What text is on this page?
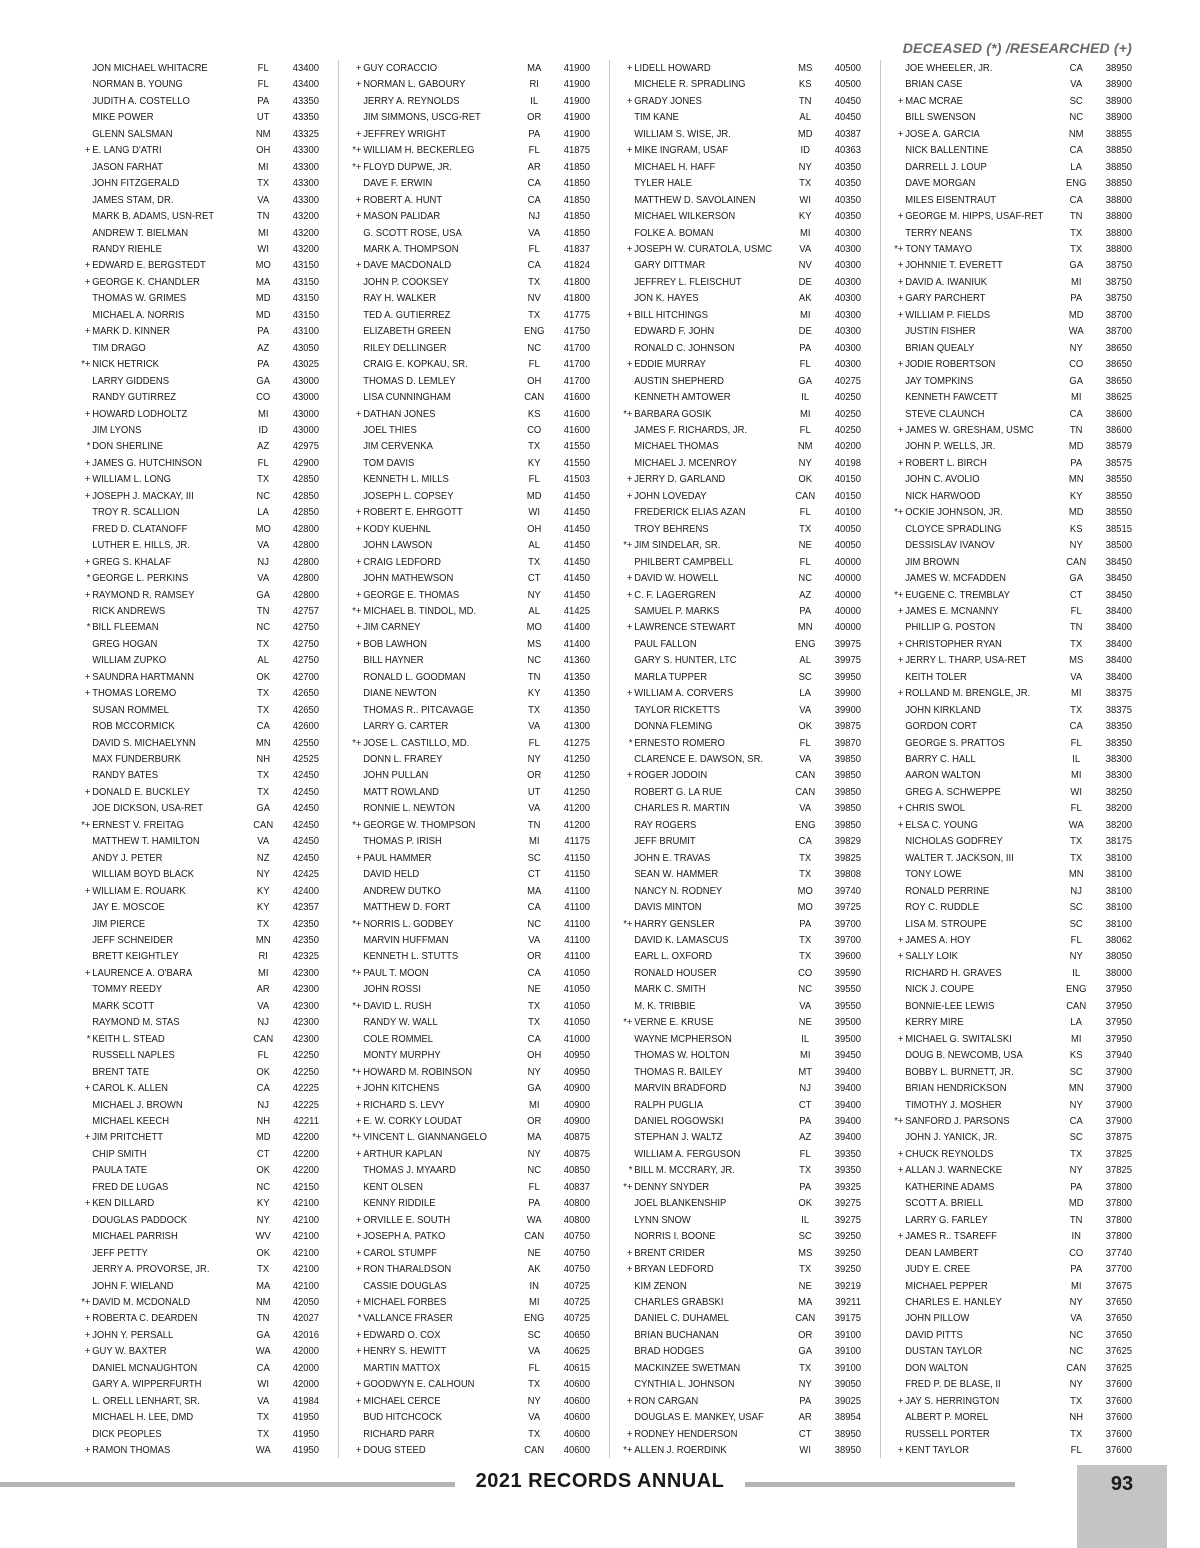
DECEASED (*) /RESEARCHED (+)
JON MICHAEL WHITACRE	FL	43400
NORMAN B. YOUNG	FL	43400
JUDITH A. COSTELLO	PA	43350
MIKE POWER	UT	43350
GLENN SALSMAN	NM	43325
+ E. LANG D'ATRI	OH	43300
JASON FARHAT	MI	43300
JOHN FITZGERALD	TX	43300
JAMES STAM, DR.	VA	43300
MARK B. ADAMS, USN-RET	TN	43200
ANDREW T. BIELMAN	MI	43200
RANDY RIEHLE	WI	43200
+ EDWARD E. BERGSTEDT	MO	43150
+ GEORGE K. CHANDLER	MA	43150
THOMAS W. GRIMES	MD	43150
MICHAEL A. NORRIS	MD	43150
+ MARK D. KINNER	PA	43100
TIM DRAGO	AZ	43050
*+ NICK HETRICK	PA	43025
LARRY GIDDENS	GA	43000
RANDY GUTIRREZ	CO	43000
+ HOWARD LODHOLTZ	MI	43000
JIM LYONS	ID	43000
* DON SHERLINE	AZ	42975
+ JAMES G. HUTCHINSON	FL	42900
+ WILLIAM L. LONG	TX	42850
+ JOSEPH J. MACKAY, III	NC	42850
TROY R. SCALLION	LA	42850
FRED D. CLATANOFF	MO	42800
LUTHER E. HILLS, JR.	VA	42800
+ GREG S. KHALAF	NJ	42800
* GEORGE L. PERKINS	VA	42800
+ RAYMOND R. RAMSEY	GA	42800
RICK ANDREWS	TN	42757
* BILL FLEEMAN	NC	42750
GREG HOGAN	TX	42750
WILLIAM ZUPKO	AL	42750
+ SAUNDRA HARTMANN	OK	42700
+ THOMAS LOREMO	TX	42650
SUSAN ROMMEL	TX	42650
ROB MCCORMICK	CA	42600
DAVID S. MICHAELYNN	MN	42550
MAX FUNDERBURK	NH	42525
RANDY BATES	TX	42450
+ DONALD E. BUCKLEY	TX	42450
JOE DICKSON, USA-RET	GA	42450
*+ ERNEST V. FREITAG	CAN	42450
MATTHEW T. HAMILTON	VA	42450
ANDY J. PETER	NZ	42450
WILLIAM BOYD BLACK	NY	42425
+ WILLIAM E. ROUARK	KY	42400
JAY E. MOSCOE	KY	42357
JIM PIERCE	TX	42350
JEFF SCHNEIDER	MN	42350
BRETT KEIGHTLEY	RI	42325
+ LAURENCE A. O'BARA	MI	42300
TOMMY REEDY	AR	42300
MARK SCOTT	VA	42300
RAYMOND M. STAS	NJ	42300
* KEITH L. STEAD	CAN	42300
RUSSELL NAPLES	FL	42250
BRENT TATE	OK	42250
+ CAROL K. ALLEN	CA	42225
MICHAEL J. BROWN	NJ	42225
MICHAEL KEECH	NH	42211
+ JIM PRITCHETT	MD	42200
CHIP SMITH	CT	42200
PAULA TATE	OK	42200
FRED DE LUGAS	NC	42150
+ KEN DILLARD	KY	42100
DOUGLAS PADDOCK	NY	42100
MICHAEL PARRISH	WV	42100
JEFF PETTY	OK	42100
JERRY A. PROVORSE, JR.	TX	42100
JOHN F. WIELAND	MA	42100
*+ DAVID M. MCDONALD	NM	42050
+ ROBERTA C. DEARDEN	TN	42027
+ JOHN Y. PERSALL	GA	42016
+ GUY W. BAXTER	WA	42000
DANIEL MCNAUGHTON	CA	42000
GARY A. WIPPERFURTH	WI	42000
L. ORELL LENHART, SR.	VA	41984
MICHAEL H. LEE, DMD	TX	41950
DICK PEOPLES	TX	41950
+ RAMON THOMAS	WA	41950
+ GUY CORACCIO	MA	41900
+ NORMAN L. GABOURY	RI	41900
JERRY A. REYNOLDS	IL	41900
JIM SIMMONS, USCG-RET	OR	41900
+ JEFFREY WRIGHT	PA	41900
*+ WILLIAM H. BECKERLEG	FL	41875
*+ FLOYD DUPWE, JR.	AR	41850
DAVE F. ERWIN	CA	41850
+ ROBERT A. HUNT	CA	41850
+ MASON PALIDAR	NJ	41850
G. SCOTT ROSE, USA	VA	41850
MARK A. THOMPSON	FL	41837
+ DAVE MACDONALD	CA	41824
JOHN P. COOKSEY	TX	41800
RAY H. WALKER	NV	41800
TED A. GUTIERREZ	TX	41775
ELIZABETH GREEN	ENG	41750
RILEY DELLINGER	NC	41700
CRAIG E. KOPKAU, SR.	FL	41700
THOMAS D. LEMLEY	OH	41700
LISA CUNNINGHAM	CAN	41600
+ DATHAN JONES	KS	41600
JOEL THIES	CO	41600
JIM CERVENKA	TX	41550
TOM DAVIS	KY	41550
KENNETH L. MILLS	FL	41503
JOSEPH L. COPSEY	MD	41450
+ ROBERT E. EHRGOTT	WI	41450
+ KODY KUEHNL	OH	41450
JOHN LAWSON	AL	41450
+ CRAIG LEDFORD	TX	41450
JOHN MATHEWSON	CT	41450
+ GEORGE E. THOMAS	NY	41450
*+ MICHAEL B. TINDOL, MD.	AL	41425
+ JIM CARNEY	MO	41400
+ BOB LAWHON	MS	41400
BILL HAYNER	NC	41360
RONALD L. GOODMAN	TN	41350
DIANE NEWTON	KY	41350
THOMAS R.. PITCAVAGE	TX	41350
LARRY G. CARTER	VA	41300
*+ JOSE L. CASTILLO, MD.	FL	41275
DONN L. FRAREY	NY	41250
JOHN PULLAN	OR	41250
MATT ROWLAND	UT	41250
RONNIE L. NEWTON	VA	41200
*+ GEORGE W. THOMPSON	TN	41200
THOMAS P. IRISH	MI	41175
+ PAUL HAMMER	SC	41150
DAVID HELD	CT	41150
ANDREW DUTKO	MA	41100
MATTHEW D. FORT	CA	41100
*+ NORRIS L. GODBEY	NC	41100
MARVIN HUFFMAN	VA	41100
KENNETH L. STUTTS	OR	41100
*+ PAUL T. MOON	CA	41050
JOHN ROSSI	NE	41050
*+ DAVID L. RUSH	TX	41050
RANDY W. WALL	TX	41050
COLE ROMMEL	CA	41000
MONTY MURPHY	OH	40950
*+ HOWARD M. ROBINSON	NY	40950
+ JOHN KITCHENS	GA	40900
+ RICHARD S. LEVY	MI	40900
+ E. W. CORKY LOUDAT	OR	40900
*+ VINCENT L. GIANNANGELO	MA	40875
+ ARTHUR KAPLAN	NY	40875
THOMAS J. MYAARD	NC	40850
KENT OLSEN	FL	40837
KENNY RIDDILE	PA	40800
+ ORVILLE E. SOUTH	WA	40800
+ JOSEPH A. PATKO	CAN	40750
+ CAROL STUMPF	NE	40750
+ RON THARALDSON	AK	40750
CASSIE DOUGLAS	IN	40725
+ MICHAEL FORBES	MI	40725
* VALLANCE FRASER	ENG	40725
+ EDWARD O. COX	SC	40650
+ HENRY S. HEWITT	VA	40625
MARTIN MATTOX	FL	40615
+ GOODWYN E. CALHOUN	TX	40600
+ MICHAEL CERCE	NY	40600
BUD HITCHCOCK	VA	40600
RICHARD PARR	TX	40600
+ DOUG STEED	CAN	40600
+ LIDELL HOWARD	MS	40500
MICHELE R. SPRADLING	KS	40500
+ GRADY JONES	TN	40450
TIM KANE	AL	40450
WILLIAM S. WISE, JR.	MD	40387
+ MIKE INGRAM, USAF	ID	40363
MICHAEL H. HAFF	NY	40350
TYLER HALE	TX	40350
MATTHEW D. SAVOLAINEN	WI	40350
MICHAEL WILKERSON	KY	40350
FOLKE A. BOMAN	MI	40300
+ JOSEPH W. CURATOLA, USMC	VA	40300
GARY DITTMAR	NV	40300
JEFFREY L. FLEISCHUT	DE	40300
JON K. HAYES	AK	40300
+ BILL HITCHINGS	MI	40300
EDWARD F. JOHN	DE	40300
RONALD C. JOHNSON	PA	40300
+ EDDIE MURRAY	FL	40300
AUSTIN SHEPHERD	GA	40275
KENNETH AMTOWER	IL	40250
*+ BARBARA GOSIK	MI	40250
JAMES F. RICHARDS, JR.	FL	40250
MICHAEL THOMAS	NM	40200
MICHAEL J. MCENROY	NY	40198
+ JERRY D. GARLAND	OK	40150
+ JOHN LOVEDAY	CAN	40150
FREDERICK ELIAS AZAN	FL	40100
TROY BEHRENS	TX	40050
*+ JIM SINDELAR, SR.	NE	40050
PHILBERT CAMPBELL	FL	40000
+ DAVID W. HOWELL	NC	40000
+ C. F. LAGERGREN	AZ	40000
SAMUEL P. MARKS	PA	40000
+ LAWRENCE STEWART	MN	40000
PAUL FALLON	ENG	39975
GARY S. HUNTER, LTC	AL	39975
MARLA TUPPER	SC	39950
+ WILLIAM A. CORVERS	LA	39900
TAYLOR RICKETTS	VA	39900
DONNA FLEMING	OK	39875
* ERNESTO ROMERO	FL	39870
CLARENCE E. DAWSON, SR.	VA	39850
+ ROGER JODOIN	CAN	39850
ROBERT G. LA RUE	CAN	39850
CHARLES R. MARTIN	VA	39850
RAY ROGERS	ENG	39850
JEFF BRUMIT	CA	39829
JOHN E. TRAVAS	TX	39825
SEAN W. HAMMER	TX	39808
NANCY N. RODNEY	MO	39740
DAVIS MINTON	MO	39725
*+ HARRY GENSLER	PA	39700
DAVID K. LAMASCUS	TX	39700
EARL L. OXFORD	TX	39600
RONALD HOUSER	CO	39590
MARK C. SMITH	NC	39550
M. K. TRIBBIE	VA	39550
*+ VERNE E. KRUSE	NE	39500
WAYNE MCPHERSON	IL	39500
THOMAS W. HOLTON	MI	39450
THOMAS R. BAILEY	MT	39400
MARVIN BRADFORD	NJ	39400
RALPH PUGLIA	CT	39400
DANIEL ROGOWSKI	PA	39400
STEPHAN J. WALTZ	AZ	39400
WILLIAM A. FERGUSON	FL	39350
* BILL M. MCCRARY, JR.	TX	39350
*+ DENNY SNYDER	PA	39325
JOEL BLANKENSHIP	OK	39275
LYNN SNOW	IL	39275
NORRIS I. BOONE	SC	39250
+ BRENT CRIDER	MS	39250
+ BRYAN LEDFORD	TX	39250
KIM ZENON	NE	39219
CHARLES GRABSKI	MA	39211
DANIEL C. DUHAMEL	CAN	39175
BRIAN BUCHANAN	OR	39100
BRAD HODGES	GA	39100
MACKINZEE SWETMAN	TX	39100
CYNTHIA L. JOHNSON	NY	39050
+ RON CARGAN	PA	39025
DOUGLAS E. MANKEY, USAF	AR	38954
+ RODNEY HENDERSON	CT	38950
*+ ALLEN J. ROERDINK	WI	38950
JOE WHEELER, JR.	CA	38950
BRIAN CASE	VA	38900
+ MAC MCRAE	SC	38900
BILL SWENSON	NC	38900
+ JOSE A. GARCIA	NM	38855
NICK BALLENTINE	CA	38850
DARRELL J. LOUP	LA	38850
DAVE MORGAN	ENG	38850
MILES EISENTRAUT	CA	38800
+ GEORGE M. HIPPS, USAF-RET	TN	38800
TERRY NEANS	TX	38800
*+ TONY TAMAYO	TX	38800
+ JOHNNIE T. EVERETT	GA	38750
+ DAVID A. IWANIUK	MI	38750
+ GARY PARCHERT	PA	38750
+ WILLIAM P. FIELDS	MD	38700
JUSTIN FISHER	WA	38700
BRIAN QUEALY	NY	38650
+ JODIE ROBERTSON	CO	38650
JAY TOMPKINS	GA	38650
KENNETH FAWCETT	MI	38625
STEVE CLAUNCH	CA	38600
+ JAMES W. GRESHAM, USMC	TN	38600
JOHN P. WELLS, JR.	MD	38579
+ ROBERT L. BIRCH	PA	38575
JOHN C. AVOLIO	MN	38550
NICK HARWOOD	KY	38550
*+ OCKIE JOHNSON, JR.	MD	38550
CLOYCE SPRADLING	KS	38515
DESSISLAV IVANOV	NY	38500
JIM BROWN	CAN	38450
JAMES W. MCFADDEN	GA	38450
*+ EUGENE C. TREMBLAY	CT	38450
+ JAMES E. MCNANNY	FL	38400
PHILLIP G. POSTON	TN	38400
+ CHRISTOPHER RYAN	TX	38400
+ JERRY L. THARP, USA-RET	MS	38400
KEITH TOLER	VA	38400
+ ROLLAND M. BRENGLE, JR.	MI	38375
JOHN KIRKLAND	TX	38375
GORDON CORT	CA	38350
GEORGE S. PRATTOS	FL	38350
BARRY C. HALL	IL	38300
AARON WALTON	MI	38300
GREG A. SCHWEPPE	WI	38250
+ CHRIS SWOL	FL	38200
+ ELSA C. YOUNG	WA	38200
NICHOLAS GODFREY	TX	38175
WALTER T. JACKSON, III	TX	38100
TONY LOWE	MN	38100
RONALD PERRINE	NJ	38100
ROY C. RUDDLE	SC	38100
LISA M. STROUPE	SC	38100
+ JAMES A. HOY	FL	38062
+ SALLY LOIK	NY	38050
RICHARD H. GRAVES	IL	38000
NICK J. COUPE	ENG	37950
BONNIE-LEE LEWIS	CAN	37950
KERRY MIRE	LA	37950
+ MICHAEL G. SWITALSKI	MI	37950
DOUG B. NEWCOMB, USA	KS	37940
BOBBY L. BURNETT, JR.	SC	37900
BRIAN HENDRICKSON	MN	37900
TIMOTHY J. MOSHER	NY	37900
*+ SANFORD J. PARSONS	CA	37900
JOHN J. YANICK, JR.	SC	37875
+ CHUCK REYNOLDS	TX	37825
+ ALLAN J. WARNECKE	NY	37825
KATHERINE ADAMS	PA	37800
SCOTT A. BRIELL	MD	37800
LARRY G. FARLEY	TN	37800
+ JAMES R.. TSAREFF	IN	37800
DEAN LAMBERT	CO	37740
JUDY E. CREE	PA	37700
MICHAEL PEPPER	MI	37675
CHARLES E. HANLEY	NY	37650
JOHN PILLOW	VA	37650
DAVID PITTS	NC	37650
DUSTAN TAYLOR	NC	37625
DON WALTON	CAN	37625
FRED P. DE BLASE, II	NY	37600
+ JAY S. HERRINGTON	TX	37600
ALBERT P. MOREL	NH	37600
RUSSELL PORTER	TX	37600
+ KENT TAYLOR	FL	37600
2021 RECORDS ANNUAL	93
